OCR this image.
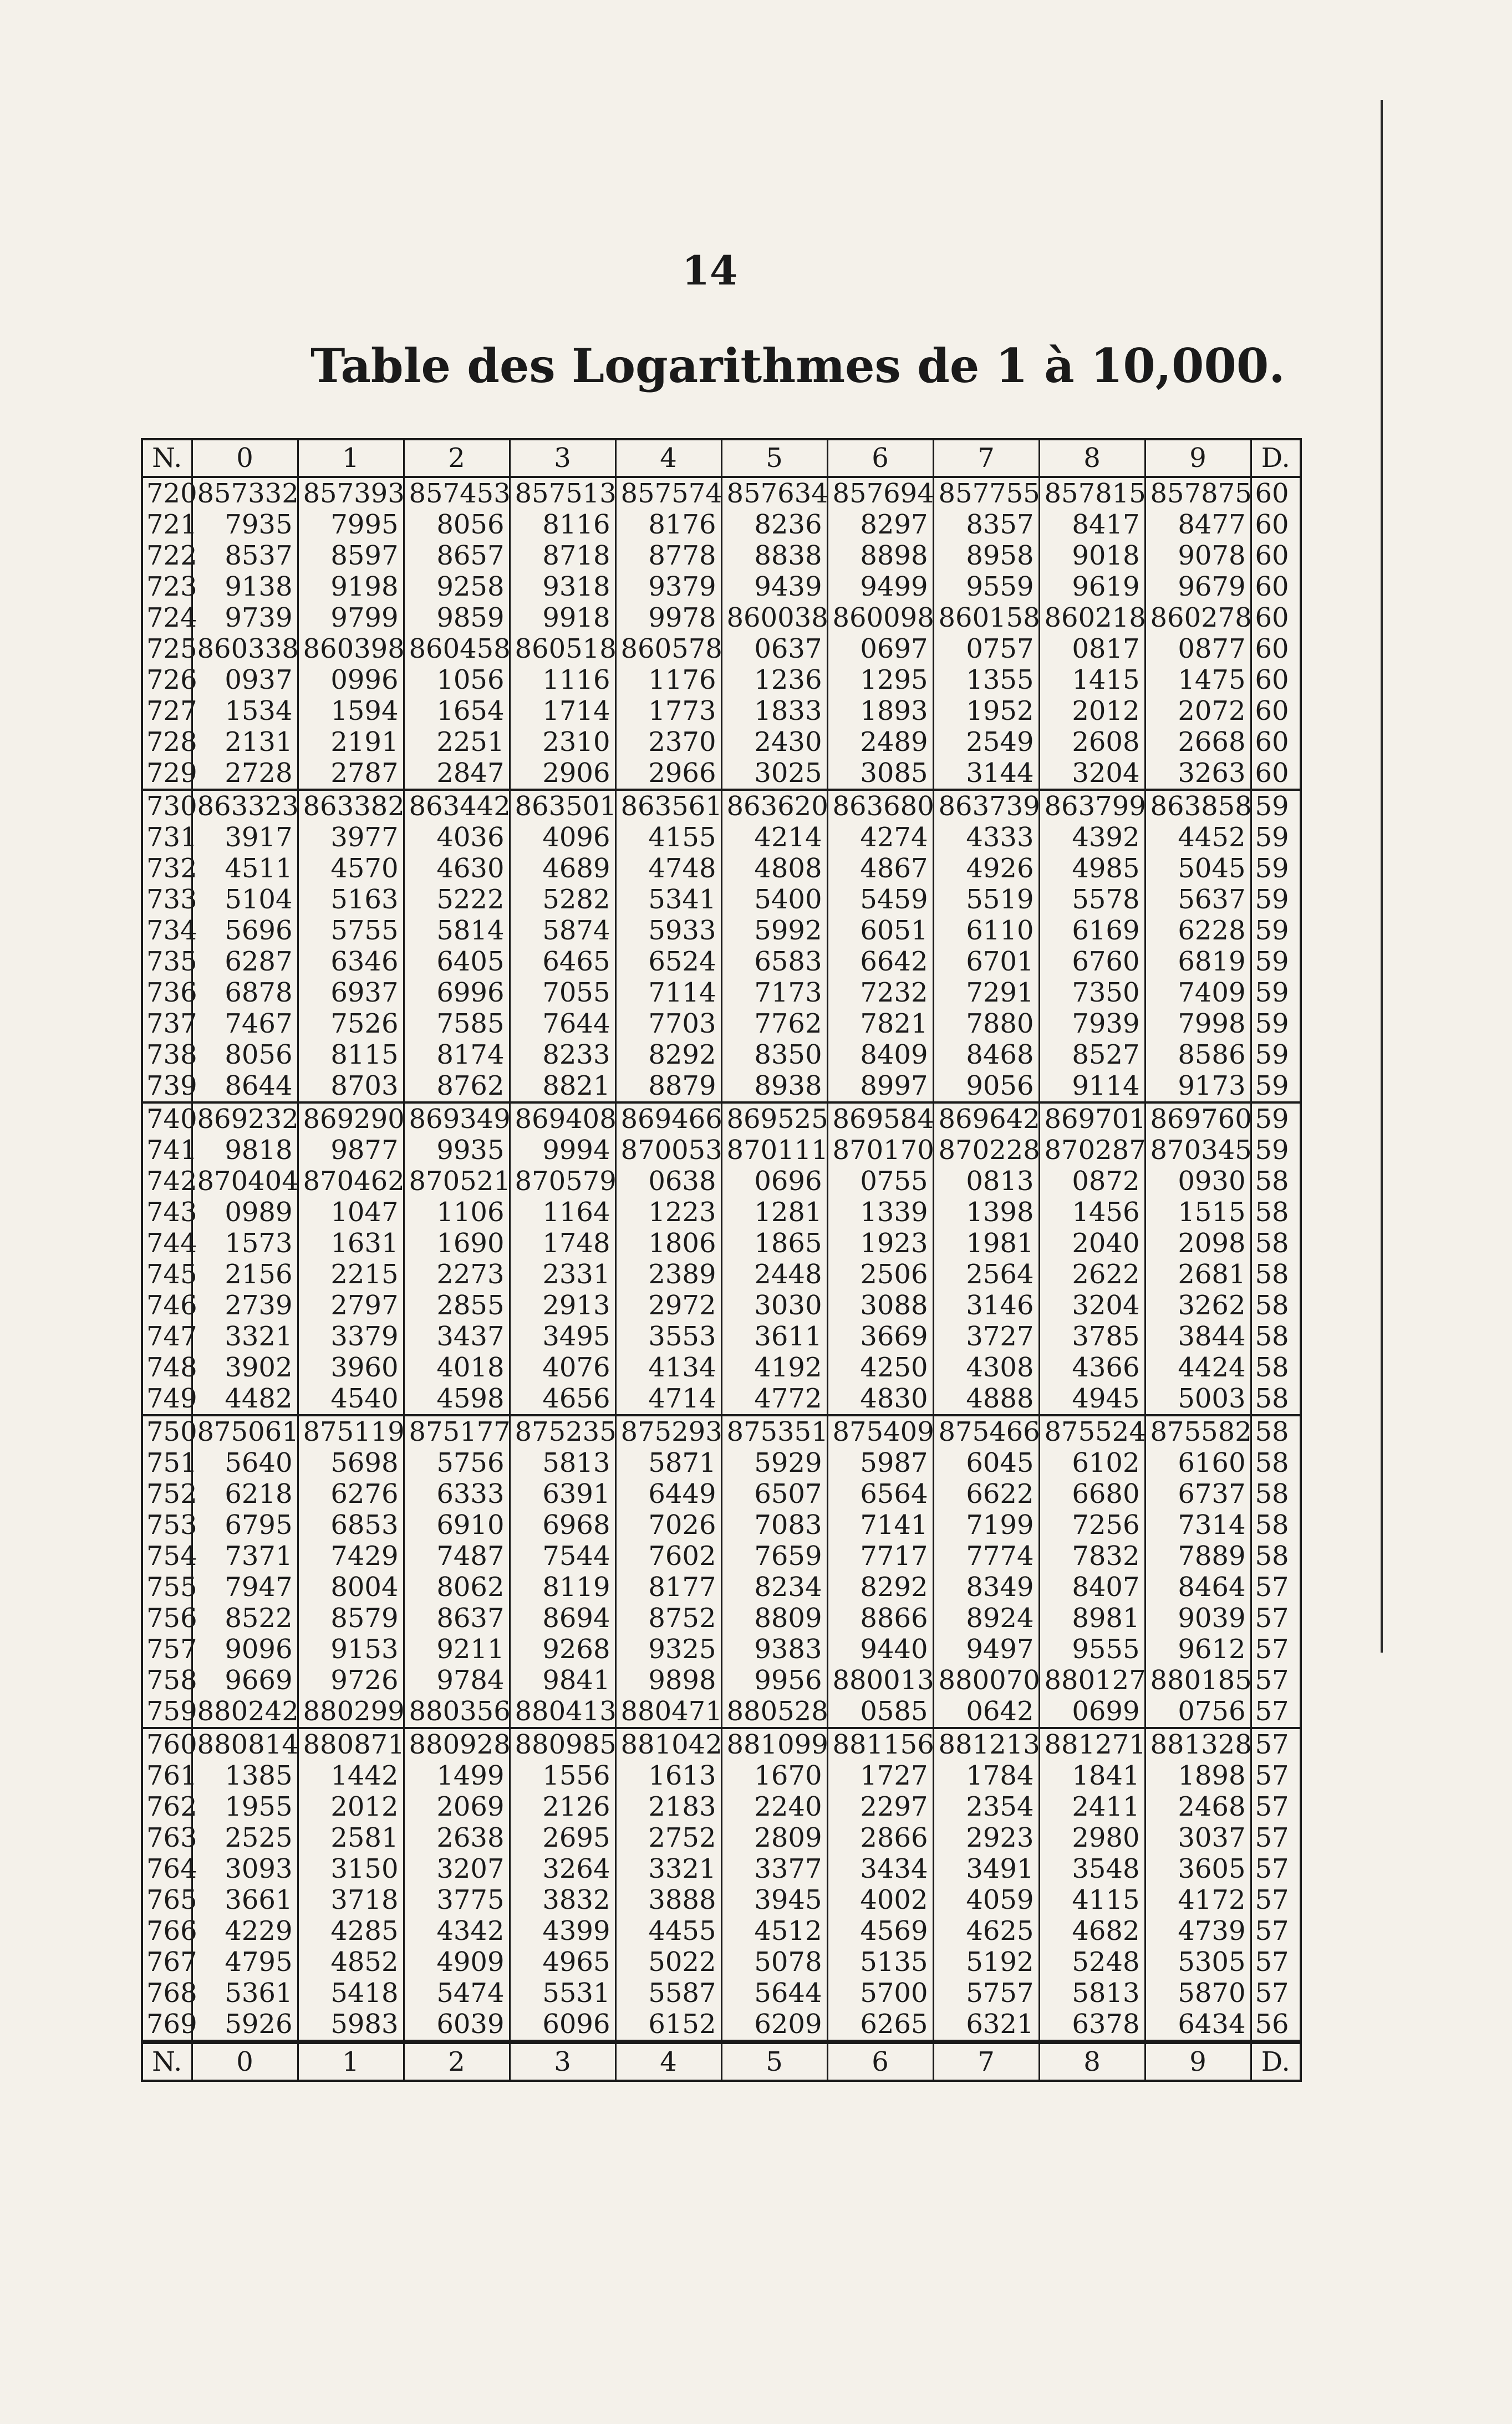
14
Table des Logarithmes de 1 à 10,000.
N.	0	1	2	3	4	5	6	7	8	9	D.
720	857332	857393	857453	857513	857574	857634	857694	857755	857815	857875	60
721	7935	7995	8056	8116	8176	8236	8297	8357	8417	8477	60
722	8537	8597	8657	8718	8778	8838	8898	8958	9018	9078	60
723	9138	9198	9258	9318	9379	9439	9499	9559	9619	9679	60
724	9739	9799	9859	9918	9978	860038	860098	860158	860218	860278	60
725	860338	860398	860458	860518	860578	0637	0697	0757	0817	0877	60
726	0937	0996	1056	1116	1176	1236	1295	1355	1415	1475	60
727	1534	1594	1654	1714	1773	1833	1893	1952	2012	2072	60
728	2131	2191	2251	2310	2370	2430	2489	2549	2608	2668	60
729	2728	2787	2847	2906	2966	3025	3085	3144	3204	3263	60
730	863323	863382	863442	863501	863561	863620	863680	863739	863799	863858	59
731	3917	3977	4036	4096	4155	4214	4274	4333	4392	4452	59
732	4511	4570	4630	4689	4748	4808	4867	4926	4985	5045	59
733	5104	5163	5222	5282	5341	5400	5459	5519	5578	5637	59
734	5696	5755	5814	5874	5933	5992	6051	6110	6169	6228	59
735	6287	6346	6405	6465	6524	6583	6642	6701	6760	6819	59
736	6878	6937	6996	7055	7114	7173	7232	7291	7350	7409	59
737	7467	7526	7585	7644	7703	7762	7821	7880	7939	7998	59
738	8056	8115	8174	8233	8292	8350	8409	8468	8527	8586	59
739	8644	8703	8762	8821	8879	8938	8997	9056	9114	9173	59
740	869232	869290	869349	869408	869466	869525	869584	869642	869701	869760	59
741	9818	9877	9935	9994	870053	870111	870170	870228	870287	870345	59
742	870404	870462	870521	870579	0638	0696	0755	0813	0872	0930	58
743	0989	1047	1106	1164	1223	1281	1339	1398	1456	1515	58
744	1573	1631	1690	1748	1806	1865	1923	1981	2040	2098	58
745	2156	2215	2273	2331	2389	2448	2506	2564	2622	2681	58
746	2739	2797	2855	2913	2972	3030	3088	3146	3204	3262	58
747	3321	3379	3437	3495	3553	3611	3669	3727	3785	3844	58
748	3902	3960	4018	4076	4134	4192	4250	4308	4366	4424	58
749	4482	4540	4598	4656	4714	4772	4830	4888	4945	5003	58
750	875061	875119	875177	875235	875293	875351	875409	875466	875524	875582	58
751	5640	5698	5756	5813	5871	5929	5987	6045	6102	6160	58
752	6218	6276	6333	6391	6449	6507	6564	6622	6680	6737	58
753	6795	6853	6910	6968	7026	7083	7141	7199	7256	7314	58
754	7371	7429	7487	7544	7602	7659	7717	7774	7832	7889	58
755	7947	8004	8062	8119	8177	8234	8292	8349	8407	8464	57
756	8522	8579	8637	8694	8752	8809	8866	8924	8981	9039	57
757	9096	9153	9211	9268	9325	9383	9440	9497	9555	9612	57
758	9669	9726	9784	9841	9898	9956	880013	880070	880127	880185	57
759	880242	880299	880356	880413	880471	880528	0585	0642	0699	0756	57
760	880814	880871	880928	880985	881042	881099	881156	881213	881271	881328	57
761	1385	1442	1499	1556	1613	1670	1727	1784	1841	1898	57
762	1955	2012	2069	2126	2183	2240	2297	2354	2411	2468	57
763	2525	2581	2638	2695	2752	2809	2866	2923	2980	3037	57
764	3093	3150	3207	3264	3321	3377	3434	3491	3548	3605	57
765	3661	3718	3775	3832	3888	3945	4002	4059	4115	4172	57
766	4229	4285	4342	4399	4455	4512	4569	4625	4682	4739	57
767	4795	4852	4909	4965	5022	5078	5135	5192	5248	5305	57
768	5361	5418	5474	5531	5587	5644	5700	5757	5813	5870	57
769	5926	5983	6039	6096	6152	6209	6265	6321	6378	6434	56
N.	0	1	2	3	4	5	6	7	8	9	D.
